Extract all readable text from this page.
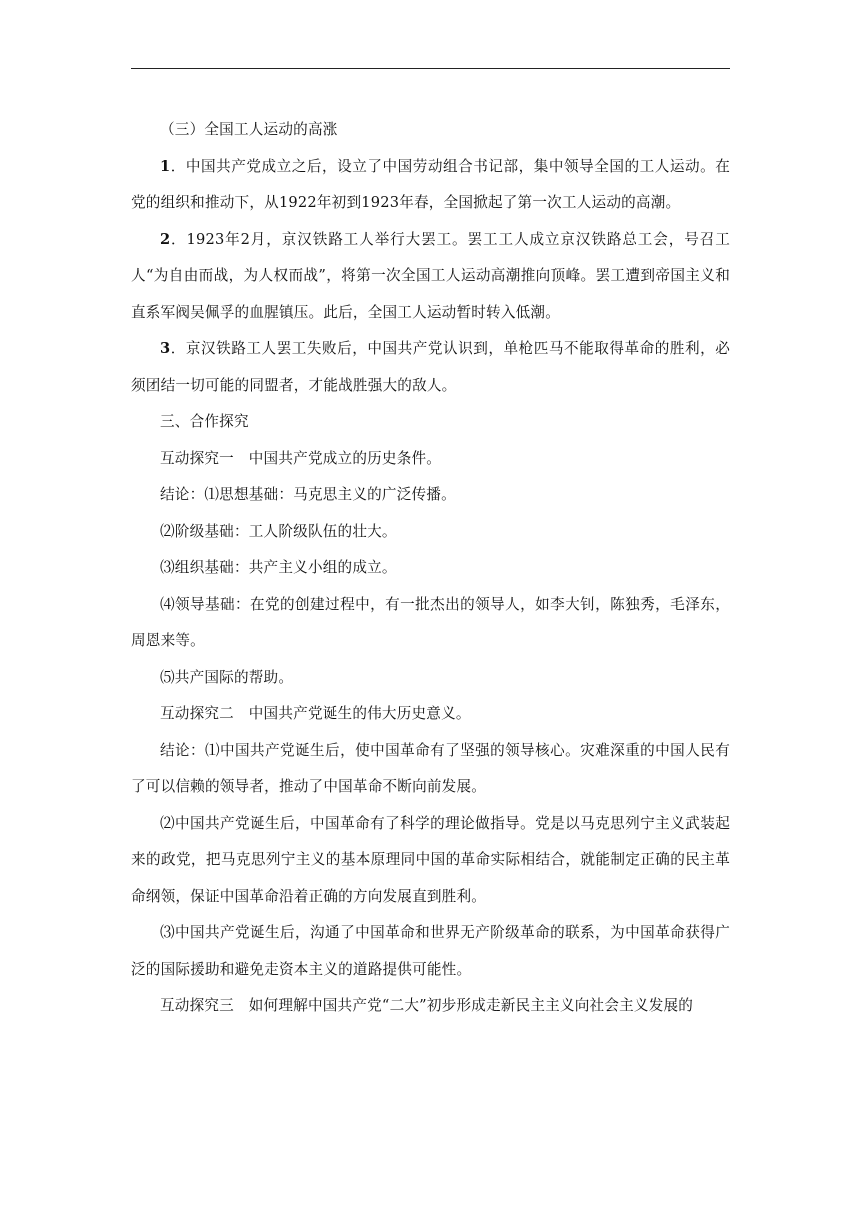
（三）全国工人运动的高涨

1．中国共产党成立之后，设立了中国劳动组合书记部，集中领导全国的工人运动。在党的组织和推动下，从1922年初到1923年春，全国掀起了第一次工人运动的高潮。

2．1923年2月，京汉铁路工人举行大罢工。罢工工人成立京汉铁路总工会，号召工人“为自由而战，为人权而战”，将第一次全国工人运动高潮推向顶峰。罢工遭到帝国主义和直系军阀吴佩孚的血腥镇压。此后，全国工人运动暂时转入低潮。

3．京汉铁路工人罢工失败后，中国共产党认识到，单枪匹马不能取得革命的胜利，必须团结一切可能的同盟者，才能战胜强大的敌人。

三、合作探究

互动探究一　中国共产党成立的历史条件。

结论：⑴思想基础：马克思主义的广泛传播。

⑵阶级基础：工人阶级队伍的壮大。

⑶组织基础：共产主义小组的成立。

⑷领导基础：在党的创建过程中，有一批杰出的领导人，如李大钊，陈独秀，毛泽东，周恩来等。

⑸共产国际的帮助。

互动探究二　中国共产党诞生的伟大历史意义。

结论：⑴中国共产党诞生后，使中国革命有了坚强的领导核心。灾难深重的中国人民有了可以信赖的领导者，推动了中国革命不断向前发展。

⑵中国共产党诞生后，中国革命有了科学的理论做指导。党是以马克思列宁主义武装起来的政党，把马克思列宁主义的基本原理同中国的革命实际相结合，就能制定正确的民主革命纲领，保证中国革命沿着正确的方向发展直到胜利。

⑶中国共产党诞生后，沟通了中国革命和世界无产阶级革命的联系，为中国革命获得广泛的国际援助和避免走资本主义的道路提供可能性。

互动探究三　如何理解中国共产党“二大”初步形成走新民主主义向社会主义发展的
